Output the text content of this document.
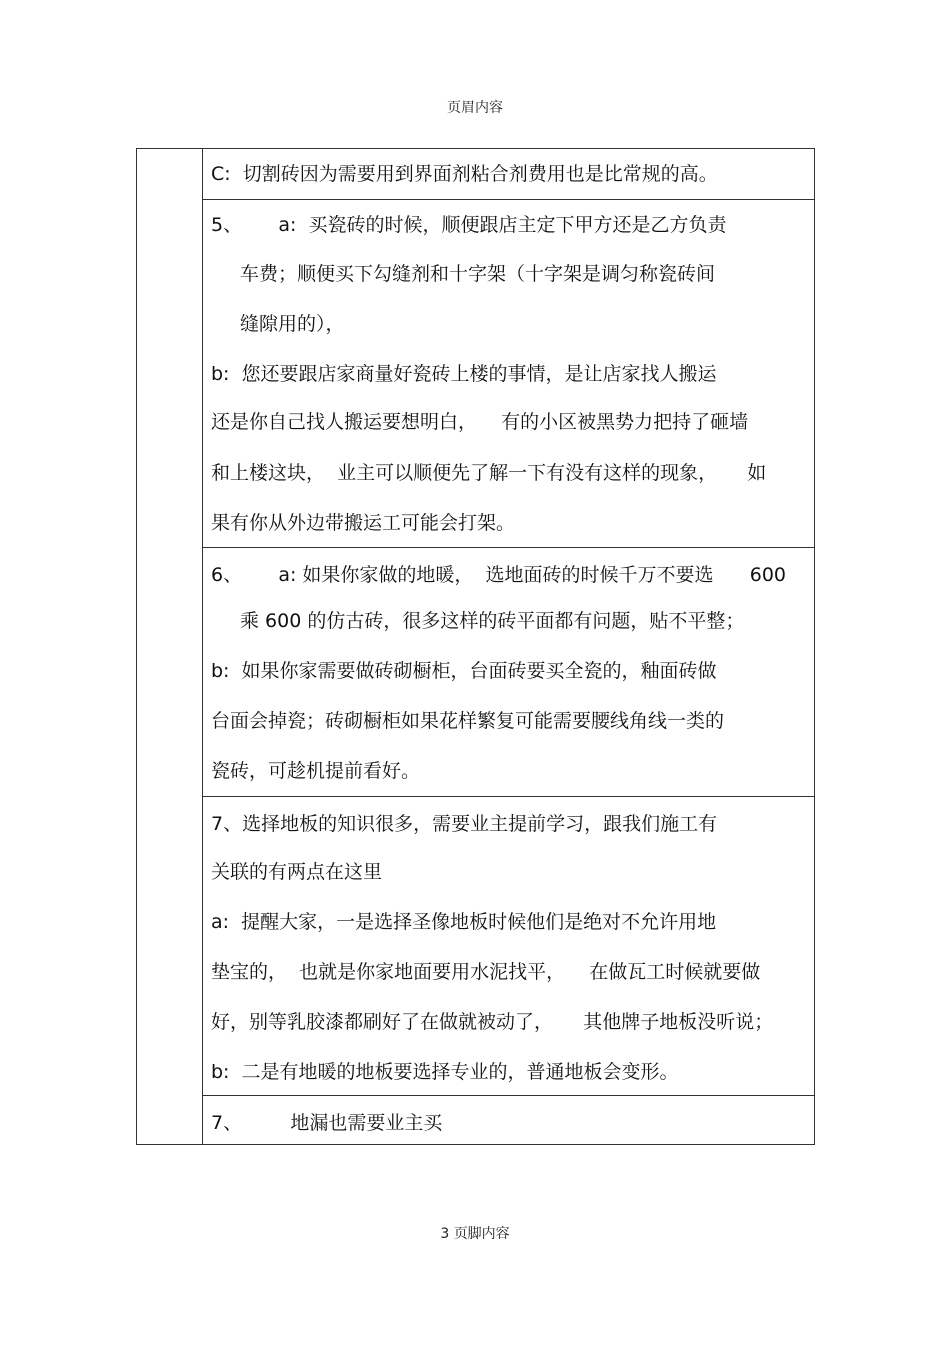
页眉内容
C:  切割砖因为需要用到界面剂粘合剂费用也是比常规的高。
5、      a:  买瓷砖的时候，顺便跟店主定下甲方还是乙方负责
车费；顺便买下勾缝剂和十字架（十字架是调匀称瓷砖间
缝隙用的），
b:  您还要跟店家商量好瓷砖上楼的事情，是让店家找人搬运
还是你自己找人搬运要想明白，    有的小区被黑势力把持了砸墙
和上楼这块，  业主可以顺便先了解一下有没有这样的现象，     如
果有你从外边带搬运工可能会打架。
6、      a: 如果你家做的地暖，  选地面砖的时候千万不要选      600
乘 600 的仿古砖，很多这样的砖平面都有问题，贴不平整；
b:  如果你家需要做砖砌橱柜，台面砖要买全瓷的，釉面砖做
台面会掉瓷；砖砌橱柜如果花样繁复可能需要腰线角线一类的
瓷砖，可趁机提前看好。
7、选择地板的知识很多，需要业主提前学习，跟我们施工有
关联的有两点在这里
a:  提醒大家，一是选择圣像地板时候他们是绝对不允许用地
垫宝的，  也就是你家地面要用水泥找平，    在做瓦工时候就要做
好，别等乳胶漆都刷好了在做就被动了，     其他牌子地板没听说；
b:  二是有地暖的地板要选择专业的，普通地板会变形。
7、        地漏也需要业主买
3 页脚内容
